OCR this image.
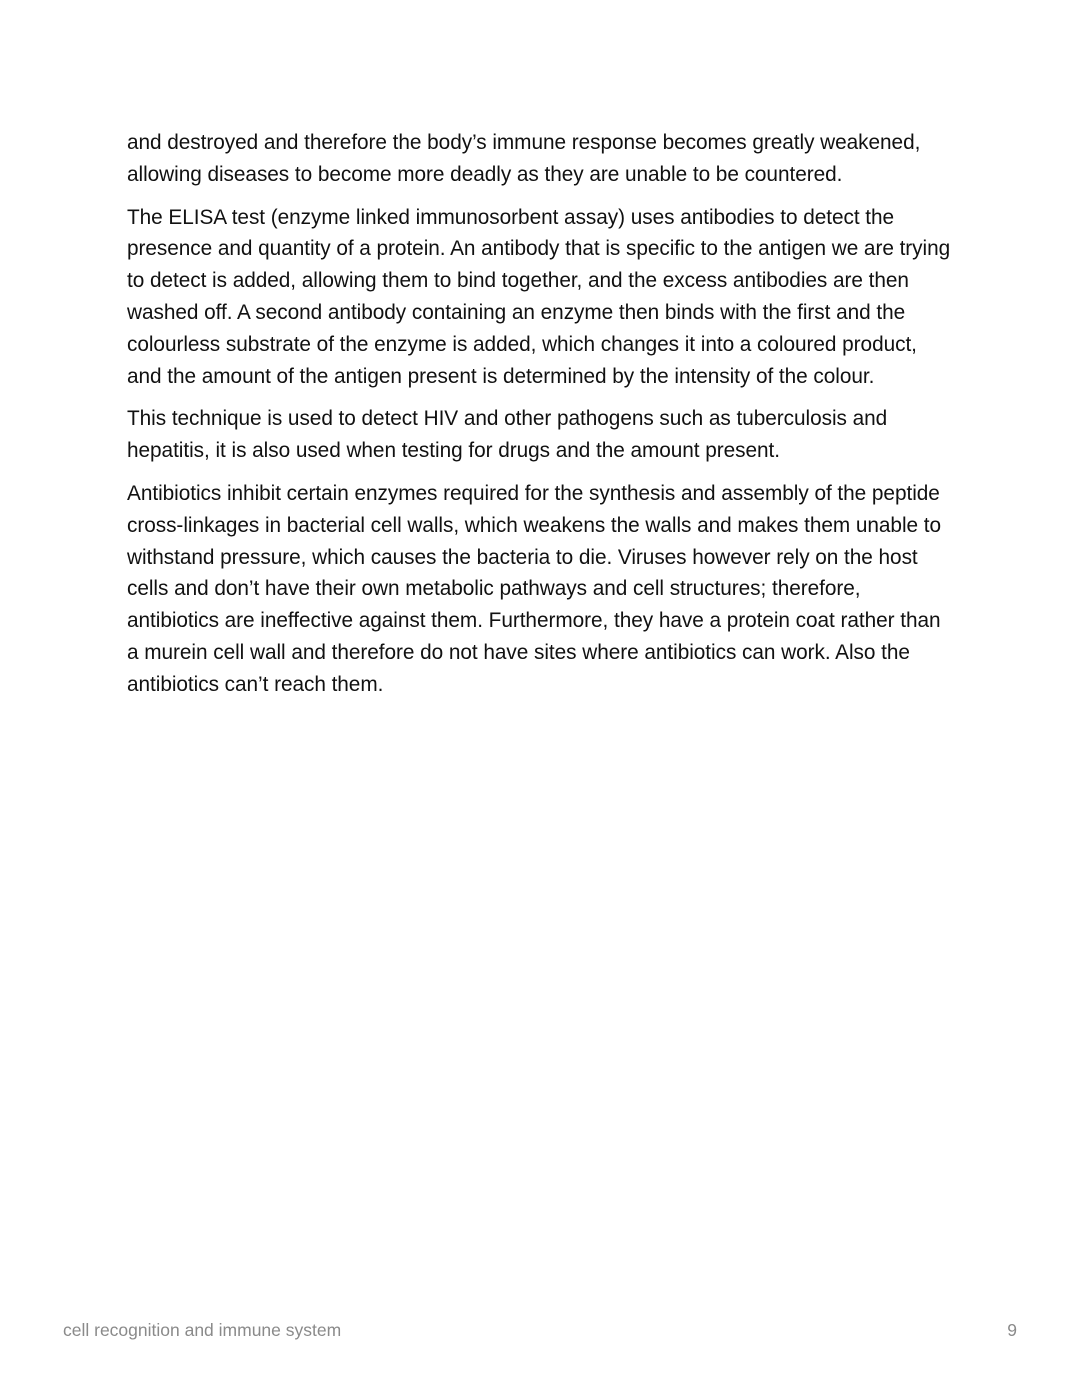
and destroyed and therefore the body’s immune response becomes greatly weakened, allowing diseases to become more deadly as they are unable to be countered.

The ELISA test (enzyme linked immunosorbent assay) uses antibodies to detect the presence and quantity of a protein. An antibody that is specific to the antigen we are trying to detect is added, allowing them to bind together, and the excess antibodies are then washed off. A second antibody containing an enzyme then binds with the first and the colourless substrate of the enzyme is added, which changes it into a coloured product, and the amount of the antigen present is determined by the intensity of the colour.

This technique is used to detect HIV and other pathogens such as tuberculosis and hepatitis, it is also used when testing for drugs and the amount present.

Antibiotics inhibit certain enzymes required for the synthesis and assembly of the peptide cross-linkages in bacterial cell walls, which weakens the walls and makes them unable to withstand pressure, which causes the bacteria to die. Viruses however rely on the host cells and don’t have their own metabolic pathways and cell structures; therefore, antibiotics are ineffective against them. Furthermore, they have a protein coat rather than a murein cell wall and therefore do not have sites where antibiotics can work. Also the antibiotics can’t reach them.

cell recognition and immune system	9
